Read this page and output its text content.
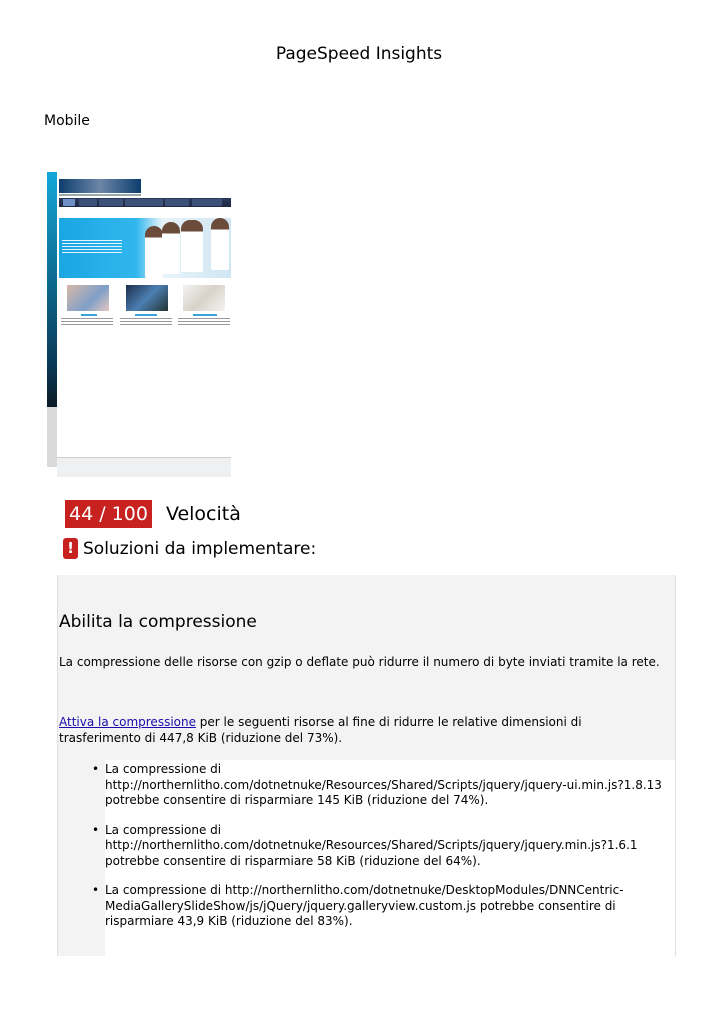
PageSpeed Insights
Mobile
44 / 100 Velocità
! Soluzioni da implementare:
Abilita la compressione
La compressione delle risorse con gzip o deflate può ridurre il numero di byte inviati tramite la rete.
Attiva la compressione per le seguenti risorse al fine di ridurre le relative dimensioni di trasferimento di 447,8 KiB (riduzione del 73%).
• La compressione di http://northernlitho.com/dotnetnuke/Resources/Shared/Scripts/jquery/jquery-ui.min.js?1.8.13 potrebbe consentire di risparmiare 145 KiB (riduzione del 74%).
• La compressione di http://northernlitho.com/dotnetnuke/Resources/Shared/Scripts/jquery/jquery.min.js?1.6.1 potrebbe consentire di risparmiare 58 KiB (riduzione del 64%).
• La compressione di http://northernlitho.com/dotnetnuke/DesktopModules/DNNCentric-MediaGallerySlideShow/js/jQuery/jquery.galleryview.custom.js potrebbe consentire di risparmiare 43,9 KiB (riduzione del 83%).
